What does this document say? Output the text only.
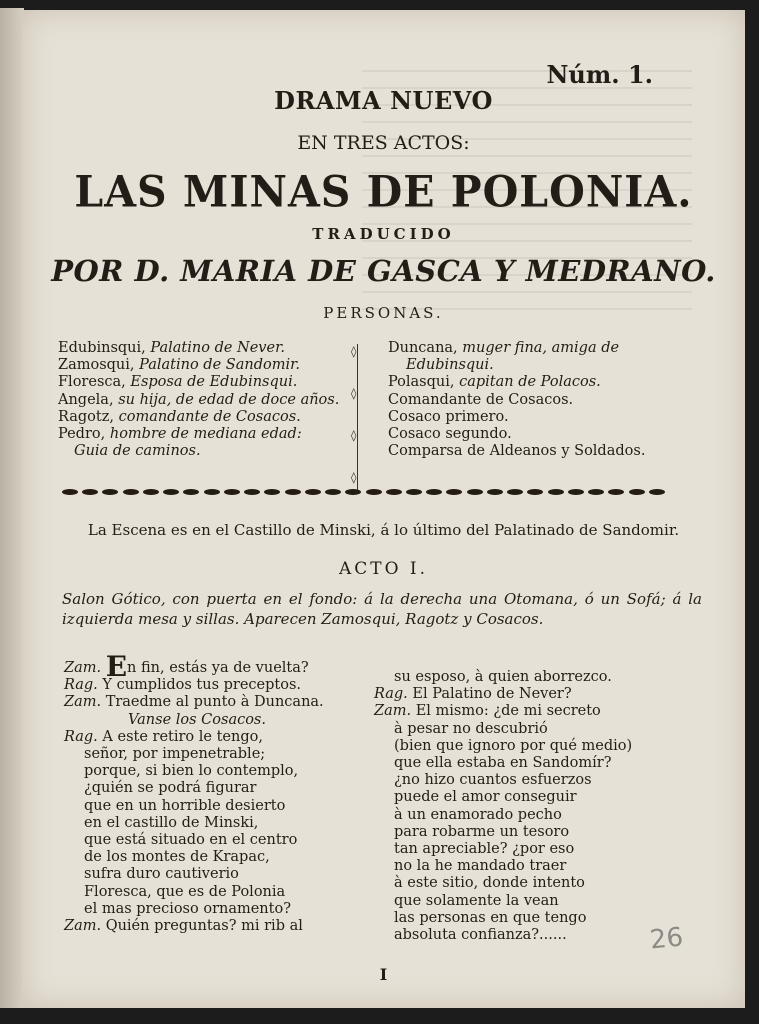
Núm. 1.

DRAMA NUEVO

EN TRES ACTOS:

LAS MINAS DE POLONIA.

TRADUCIDO

POR D. MARIA DE GASCA Y MEDRANO.

PERSONAS.

Edubinsqui, Palatino de Never.
Zamosqui, Palatino de Sandomir.
Floresca, Esposa de Edubinsqui.
Angela, su hija, de edad de doce años.
Ragotz, comandante de Cosacos.
Pedro, hombre de mediana edad:
Guia de caminos.
◊
◊
◊
◊
Duncana, muger fina, amiga de
Edubinsqui.
Polasqui, capitan de Polacos.
Comandante de Cosacos.
Cosaco primero.
Cosaco segundo.
Comparsa de Aldeanos y Soldados.

La Escena es en el Castillo de Minski, á lo último del Palatinado de Sandomir.

ACTO I.

Salon Gótico, con puerta en el fondo: á la derecha una Otomana, ó un Sofá; á la izquierda mesa y sillas. Aparecen Zamosqui, Ragotz y Cosacos.

Zam. En fin, estás ya de vuelta?
Rag. Y cumplidos tus preceptos.
Zam. Traedme al punto à Duncana.
Vanse los Cosacos.
Rag. A este retiro le tengo,
señor, por impenetrable;
porque, si bien lo contemplo,
¿quién se podrá figurar
que en un horrible desierto
en el castillo de Minski,
que está situado en el centro
de los montes de Krapac,
sufra duro cautiverio
Floresca, que es de Polonia
el mas precioso ornamento?
Zam. Quién preguntas? mi rib al
su esposo, à quien aborrezco.
Rag. El Palatino de Never?
Zam. El mismo: ¿de mi secreto
à pesar no descubrió
(bien que ignoro por qué medio)
que ella estaba en Sandomír?
¿no hizo cuantos esfuerzos
puede el amor conseguir
à un enamorado pecho
para robarme un tesoro
tan apreciable? ¿por eso
no la he mandado traer
à este sitio, donde intento
que solamente la vean
las personas en que tengo
absoluta confianza?......

I

26
